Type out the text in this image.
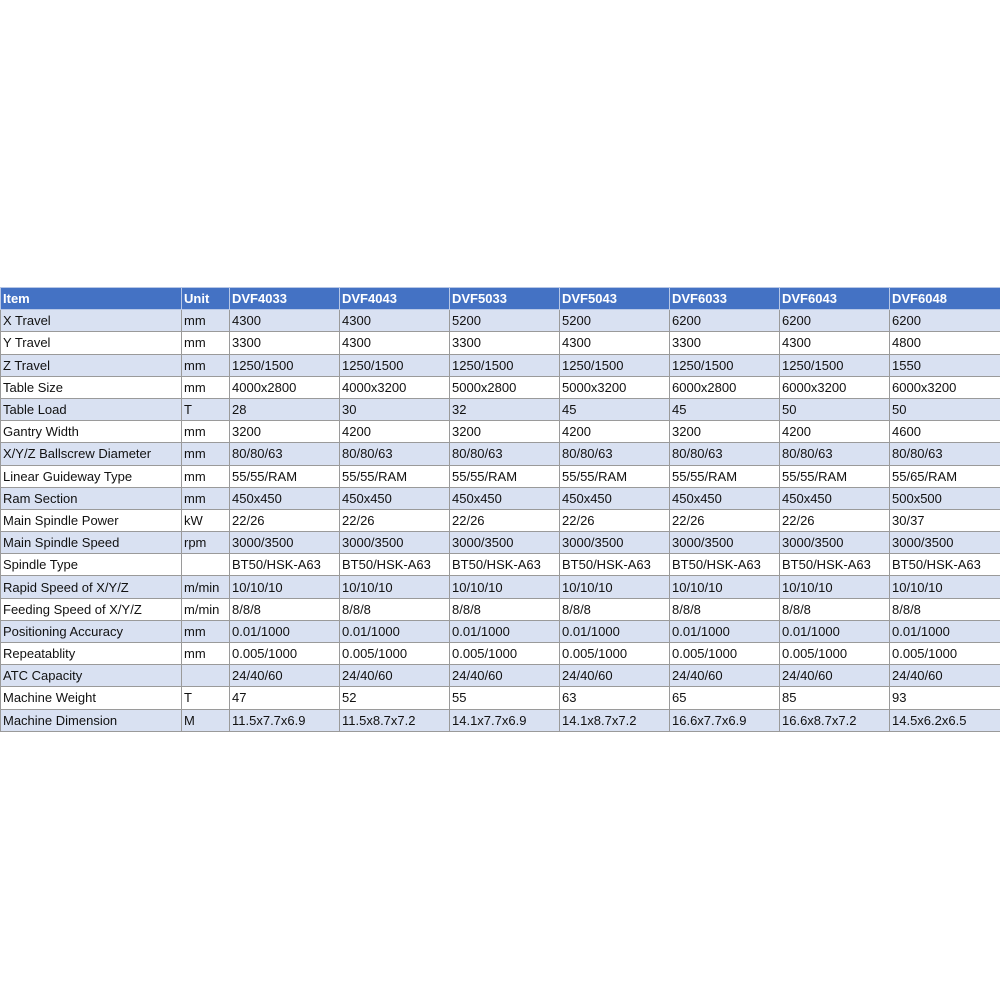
Item	Unit	DVF4033	DVF4043	DVF5033	DVF5043	DVF6033	DVF6043	DVF6048
X Travel	mm	4300	4300	5200	5200	6200	6200	6200
Y Travel	mm	3300	4300	3300	4300	3300	4300	4800
Z Travel	mm	1250/1500	1250/1500	1250/1500	1250/1500	1250/1500	1250/1500	1550
Table Size	mm	4000x2800	4000x3200	5000x2800	5000x3200	6000x2800	6000x3200	6000x3200
Table Load	T	28	30	32	45	45	50	50
Gantry Width	mm	3200	4200	3200	4200	3200	4200	4600
X/Y/Z Ballscrew Diameter	mm	80/80/63	80/80/63	80/80/63	80/80/63	80/80/63	80/80/63	80/80/63
Linear Guideway Type	mm	55/55/RAM	55/55/RAM	55/55/RAM	55/55/RAM	55/55/RAM	55/55/RAM	55/65/RAM
Ram Section	mm	450x450	450x450	450x450	450x450	450x450	450x450	500x500
Main Spindle Power	kW	22/26	22/26	22/26	22/26	22/26	22/26	30/37
Main Spindle Speed	rpm	3000/3500	3000/3500	3000/3500	3000/3500	3000/3500	3000/3500	3000/3500
Spindle Type		BT50/HSK-A63	BT50/HSK-A63	BT50/HSK-A63	BT50/HSK-A63	BT50/HSK-A63	BT50/HSK-A63	BT50/HSK-A63
Rapid Speed of X/Y/Z	m/min	10/10/10	10/10/10	10/10/10	10/10/10	10/10/10	10/10/10	10/10/10
Feeding Speed of X/Y/Z	m/min	8/8/8	8/8/8	8/8/8	8/8/8	8/8/8	8/8/8	8/8/8
Positioning Accuracy	mm	0.01/1000	0.01/1000	0.01/1000	0.01/1000	0.01/1000	0.01/1000	0.01/1000
Repeatablity	mm	0.005/1000	0.005/1000	0.005/1000	0.005/1000	0.005/1000	0.005/1000	0.005/1000
ATC Capacity		24/40/60	24/40/60	24/40/60	24/40/60	24/40/60	24/40/60	24/40/60
Machine Weight	T	47	52	55	63	65	85	93
Machine Dimension	M	11.5x7.7x6.9	11.5x8.7x7.2	14.1x7.7x6.9	14.1x8.7x7.2	16.6x7.7x6.9	16.6x8.7x7.2	14.5x6.2x6.5
